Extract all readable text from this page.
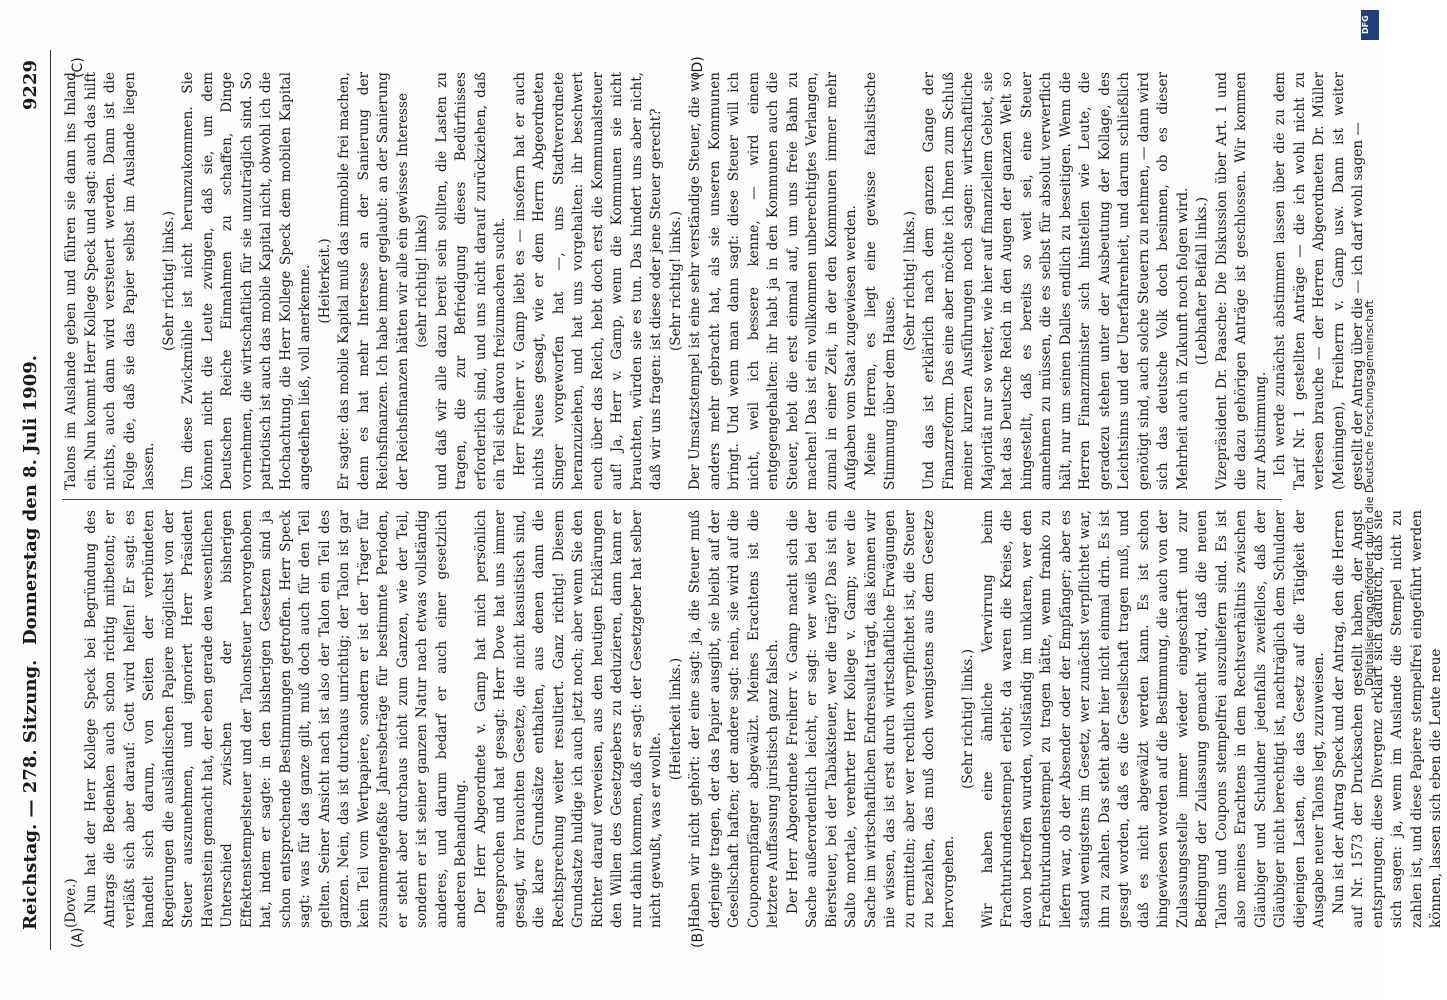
Reichstag. — 278. Sitzung.
Donnerstag den 8. Juli 1909.
9229

(Dove.) Nun hat der Herr Kollege Speck bei Begründung des Antrags die Bedenken auch schon richtig mitbetont; er verläßt sich aber darauf: Gott wird helfen! Er sagt: es handelt sich darum, von Seiten der verbündeten Regierungen die ausländischen Papiere möglichst von der Steuer auszunehmen, und ignoriert Herr Präsident Havenstein gemacht hat, der eben gerade den wesentlichen Unterschied zwischen der bisherigen Effektenstempelsteuer und der Talonsteuer hervorgehoben hat, indem er sagte: in den bisherigen Gesetzen sind ja schon entsprechende Bestimmungen getroffen. Herr Speck sagt: was für das ganze gilt, muß doch auch für den Teil gelten. Seiner Ansicht nach ist also der Talon ein Teil des ganzen. Nein, das ist durchaus unrichtig; der Talon ist gar kein Teil vom Wertpapiere, sondern er ist der Träger für zusammengefaßte Jahresbeträge für bestimmte Perioden, er steht aber durchaus nicht zum Ganzen, wie der Teil, sondern er ist seiner ganzen Natur nach etwas vollständig anderes, und darum bedarf er auch einer gesetzlich anderen Behandlung. Der Herr Abgeordnete v. Gamp hat mich persönlich angesprochen und hat gesagt: Herr Dove hat uns immer gesagt, wir brauchten Gesetze, die nicht kasuistisch sind, die klare Grundsätze enthalten, aus denen dann die Rechtsprechung weiter resultiert. Ganz richtig! Diesem Grundsatze huldige ich auch jetzt noch; aber wenn Sie den Richter darauf verweisen, aus den heutigen Erklärungen den Willen des Gesetzgebers zu deduzieren, dann kann er nur dahin kommen, daß er sagt: der Gesetzgeber hat selber nicht gewußt, was er wollte.

(Heiterkeit links.) Haben wir nicht gehört: der eine sagt: ja, die Steuer muß derjenige tragen, der das Papier ausgibt, sie bleibt auf der Gesellschaft haften; der andere sagt: nein, sie wird auf die Couponempfänger abgewälzt. Meines Erachtens ist die letztere Auffassung juristisch ganz falsch. Der Herr Abgeordnete Freiherr v. Gamp macht sich die Sache außerordentlich leicht, er sagt: wer weiß bei der Biersteuer, bei der Tabaksteuer, wer die trägt? Das ist ein Salto mortale, verehrter Herr Kollege v. Gamp; wer die Sache im wirtschaftlichen Endresultat trägt, das können wir nie wissen, das ist erst durch wirtschaftliche Erwägungen zu ermitteln; aber wer rechtlich verpflichtet ist, die Steuer zu bezahlen, das muß doch wenigstens aus dem Gesetze hervorgehen.

(Sehr richtig! links.) Wir haben eine ähnliche Verwirrung beim Frachturkundenstempel erlebt; da waren die Kreise, die davon betroffen wurden, vollständig im unklaren, wer den Frachturkundenstempel zu tragen hätte, wenn franko zu liefern war, ob der Absender oder der Empfänger; aber es stand wenigstens im Gesetz, wer zunächst verpflichtet war, ihn zu zahlen. Das steht aber hier nicht einmal drin. Es ist gesagt worden, daß es die Gesellschaft tragen muß, und daß es nicht abgewälzt werden kann. Es ist schon hingewiesen worden auf die Bestimmung, die auch von der Zulassungsstelle immer wieder eingeschärft und zur Bedingung der Zulassung gemacht wird, daß die neuen Talons und Coupons stempelfrei auszuliefern sind. Es ist also meines Erachtens in dem Rechtsverhältnis zwischen Gläubiger und Schuldner jedenfalls zweifellos, daß der Gläubiger nicht berechtigt ist, nachträglich dem Schuldner diejenigen Lasten, die das Gesetz auf die Tätigkeit der Ausgabe neuer Talons legt, zuzuweisen. Nun ist der Antrag Speck und der Antrag, den die Herren auf Nr. 1573 der Drucksachen gestellt haben, der Angst entsprungen; diese Divergenz erklärt sich dadurch, daß sie sich sagen: ja, wenn im Auslande die Stempel nicht zu zahlen ist, und diese Papiere stempelfrei eingeführt werden können, lassen sich eben die Leute neue

Talons im Auslande geben und führen sie dann ins Inland ein. Nun kommt Herr Kollege Speck und sagt: auch das hilft nichts, auch dann wird versteuert werden. Dann ist die Folge die, daß sie das Papier selbst im Auslande liegen lassen.

(Sehr richtig! links.) Um diese Zwickmühle ist nicht herumzukommen. Sie können nicht die Leute zwingen, daß sie, um dem Deutschen Reiche Einnahmen zu schaffen, Dinge vornehmen, die wirtschaftlich für sie unzuträglich sind. So patriotisch ist auch das mobile Kapital nicht, obwohl ich die Hochachtung, die Herr Kollege Speck dem mobilen Kapital angedeihen ließ, voll anerkenne. (Heiterkeit.) Er sagte: das mobile Kapital muß das immobile frei machen, denn es hat mehr Interesse an der Sanierung der Reichsfinanzen. Ich habe immer geglaubt: an der Sanierung der Reichsfinanzen hätten wir alle ein gewisses Interesse (sehr richtig! links) und daß wir alle dazu bereit sein sollten, die Lasten zu tragen, die zur Befriedigung dieses Bedürfnisses erforderlich sind, und uns nicht darauf zurückziehen, daß ein Teil sich davon freizumachen sucht. Herr Freiherr v. Gamp liebt es — insofern hat er auch nichts Neues gesagt, wie er dem Herrn Abgeordneten Singer vorgeworfen hat —, uns Stadtverordnete heranzuziehen, und hat uns vorgehalten: ihr beschwert euch über das Reich, hebt doch erst die Kommunalsteuer auf! Ja, Herr v. Gamp, wenn die Kommunen sie nicht brauchten, würden sie es tun. Das hindert uns aber nicht, daß wir uns fragen: ist diese oder jene Steuer gerecht? (Sehr richtig! links.) Der Umsatzstempel ist eine sehr verständige Steuer, die wo anders mehr gebracht hat, als sie unseren Kommunen bringt. Und wenn man dann sagt: diese Steuer will ich nicht, weil ich bessere kenne, — wird einem entgegengehalten: ihr habt ja in den Kommunen auch die Steuer, hebt die erst einmal auf, um uns freie Bahn zu machen! Das ist ein vollkommen unberechtigtes Verlangen, zumal in einer Zeit, in der den Kommunen immer mehr Aufgaben vom Staat zugewiesen werden. Meine Herren, es liegt eine gewisse fatalistische Stimmung über dem Hause.

(Sehr richtig! links.) Und das ist erklärlich nach dem ganzen Gange der Finanzreform. Das eine aber möchte ich Ihnen zum Schluß meiner kurzen Ausführungen noch sagen: wirtschaftliche Majorität nur so weiter, wie hier auf finanziellem Gebiet, sie hat das Deutsche Reich in den Augen der ganzen Welt so hingestellt, daß es bereits so weit sei, eine Steuer annehmen zu müssen, die es selbst für absolut verwerflich hält, nur um seinen Dalles endlich zu beseitigen. Wenn die Herren Finanzminister sich hinstellen wie Leute, die geradezu stehen unter der Ausbeutung der Kollage, des Leichtsinns und der Unerfahrenheit, und darum schließlich genötigt sind, auch solche Steuern zu nehmen, — dann wird sich das deutsche Volk doch besinnen, ob es dieser Mehrheit auch in Zukunft noch folgen wird. (Lebhafter Beifall links.) Vizepräsident Dr. Paasche: Die Diskussion über Art. 1 und die dazu gehörigen Anträge ist geschlossen. Wir kommen zur Abstimmung. Ich werde zunächst abstimmen lassen über die zu dem Tarif Nr. 1 gestellten Anträge — die ich wohl nicht zu verlesen brauche — der Herren Abgeordneten Dr. Müller (Meiningen), Freiherrn v. Gamp usw. Dann ist weiter gestellt der Antrag über die — ich darf wohl sagen —

(A)	(B)
(C)	(D)
DFG
Digitalisierung gefördert durch die Deutsche Forschungsgemeinschaft
